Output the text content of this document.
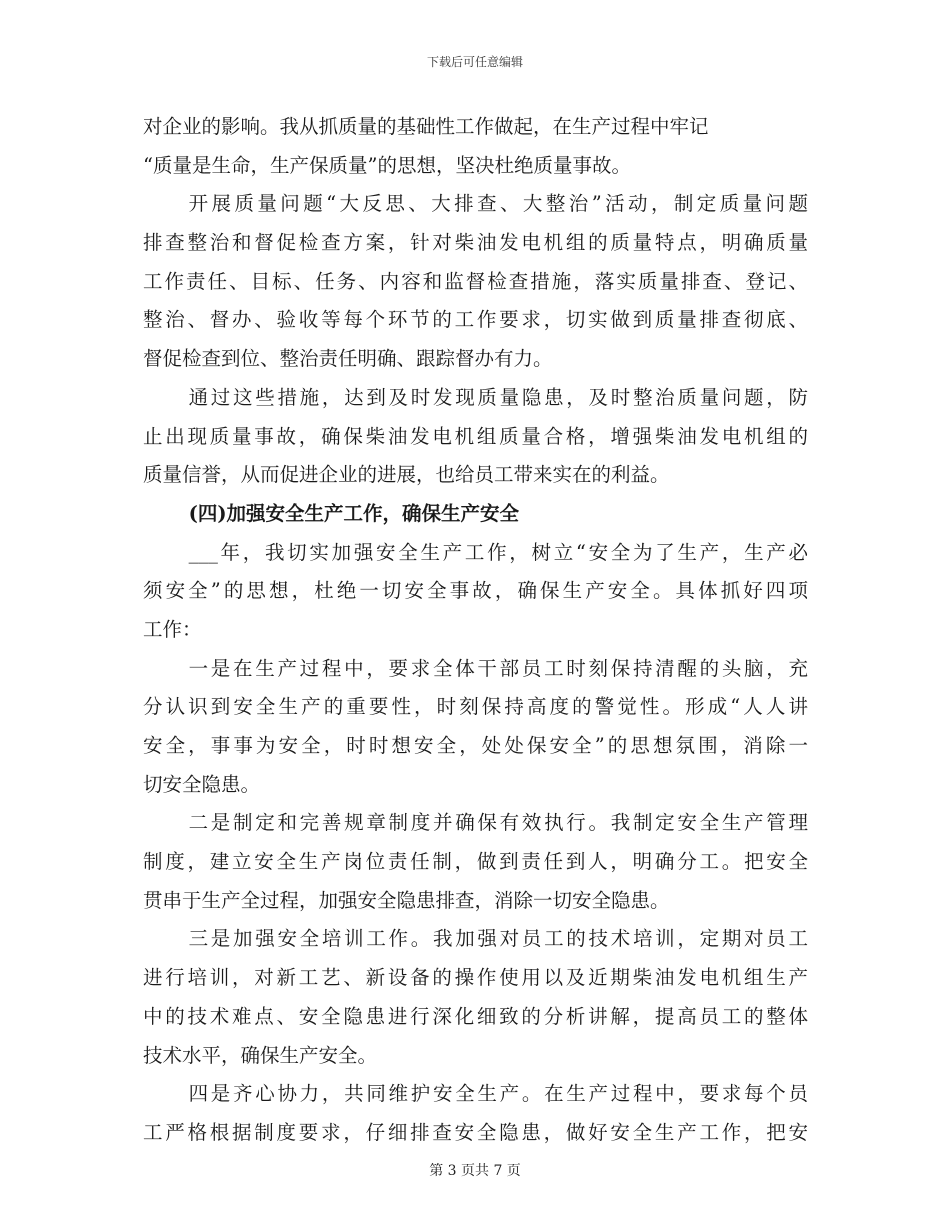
下载后可任意编辑
对企业的影响。我从抓质量的基础性工作做起，在生产过程中牢记
“质量是生命，生产保质量”的思想，坚决杜绝质量事故。
开展质量问题“大反思、大排查、大整治”活动，制定质量问题
排查整治和督促检查方案，针对柴油发电机组的质量特点，明确质量
工作责任、目标、任务、内容和监督检查措施，落实质量排查、登记、
整治、督办、验收等每个环节的工作要求，切实做到质量排查彻底、
督促检查到位、整治责任明确、跟踪督办有力。
通过这些措施，达到及时发现质量隐患，及时整治质量问题，防
止出现质量事故，确保柴油发电机组质量合格，增强柴油发电机组的
质量信誉，从而促进企业的进展，也给员工带来实在的利益。
(四)加强安全生产工作，确保生产安全
___年，我切实加强安全生产工作，树立“安全为了生产，生产必
须安全”的思想，杜绝一切安全事故，确保生产安全。具体抓好四项
工作：
一是在生产过程中，要求全体干部员工时刻保持清醒的头脑，充
分认识到安全生产的重要性，时刻保持高度的警觉性。形成“人人讲
安全，事事为安全，时时想安全，处处保安全”的思想氛围，消除一
切安全隐患。
二是制定和完善规章制度并确保有效执行。我制定安全生产管理
制度，建立安全生产岗位责任制，做到责任到人，明确分工。把安全
贯串于生产全过程，加强安全隐患排查，消除一切安全隐患。
三是加强安全培训工作。我加强对员工的技术培训，定期对员工
进行培训，对新工艺、新设备的操作使用以及近期柴油发电机组生产
中的技术难点、安全隐患进行深化细致的分析讲解，提高员工的整体
技术水平，确保生产安全。
四是齐心协力，共同维护安全生产。在生产过程中，要求每个员
工严格根据制度要求，仔细排查安全隐患，做好安全生产工作，把安
第 3 页共 7 页
